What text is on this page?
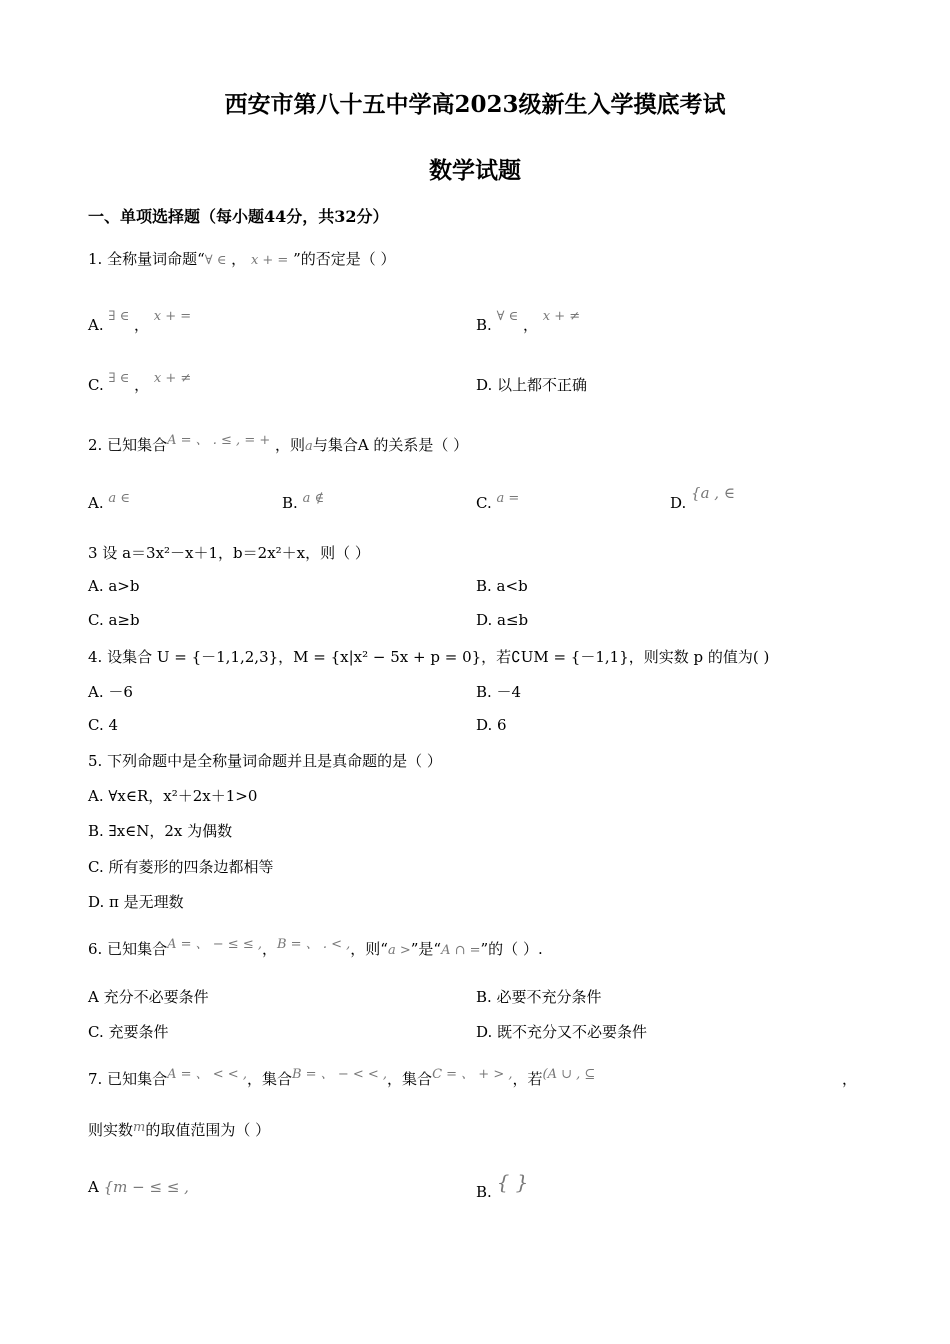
西安市第八十五中学高2023级新生入学摸底考试
数学试题
一、单项选择题（每小题44分，共32分）
1. 全称量词命题“∀ ∈ ， x + = ”的否定是（ ）
A. ∃ ∈ ， x + =	B. ∀ ∈ ， x + ≠
C. ∃ ∈ ， x + ≠	D. 以上都不正确
2. 已知集合A = 、 . ≤ , = + ，则a与集合A 的关系是（ ）
A. a ∈	B. a ∉	C. a =	D. {a , ∈
3 设 a＝3x²－x＋1，b＝2x²＋x，则（ ）
A. a>b	B. a<b
C. a≥b	D. a≤b
4. 设集合 U = {－1,1,2,3}，M = {x|x² − 5x + p = 0}，若∁UM = {－1,1}，则实数 p 的值为( )
A. －6	B. －4
C. 4	D. 6
5. 下列命题中是全称量词命题并且是真命题的是（ ）
A. ∀x∈R，x²＋2x＋1>0
B. ∃x∈N，2x 为偶数
C. 所有菱形的四条边都相等
D. π 是无理数
6. 已知集合A = 、 − ≤ ≤ ,，B = 、 . < ,，则“a >”是“A ∩ =”的（ ）.
A 充分不必要条件	B. 必要不充分条件
C. 充要条件	D. 既不充分又不必要条件
7. 已知集合A = 、 < < ,，集合B = 、 − < < ,，集合C = 、 + > ,，若(A ∪ , ⊆	，
则实数m的取值范围为（ ）
A {m − ≤ ≤ ,	B. { }
